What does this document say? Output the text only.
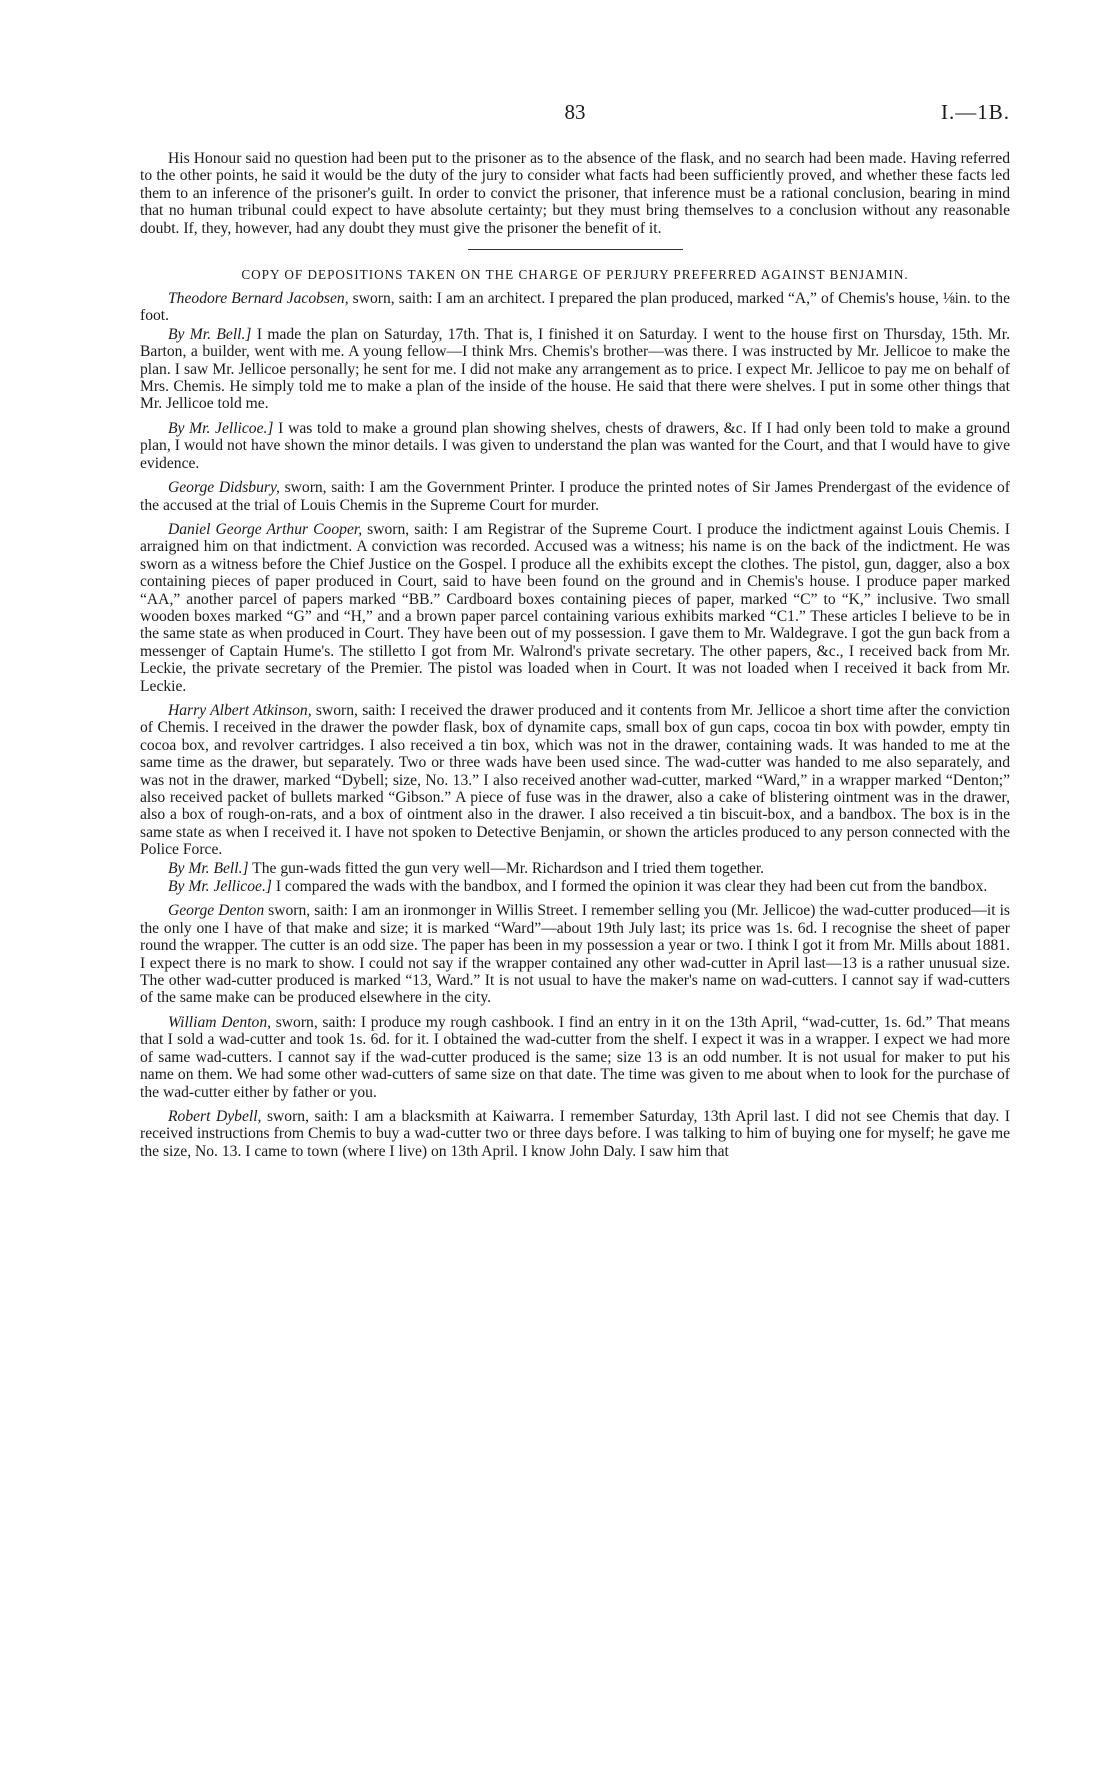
83	I.—1B.

His Honour said no question had been put to the prisoner as to the absence of the flask, and no search had been made. Having referred to the other points, he said it would be the duty of the jury to consider what facts had been sufficiently proved, and whether these facts led them to an inference of the prisoner's guilt. In order to convict the prisoner, that inference must be a rational conclusion, bearing in mind that no human tribunal could expect to have absolute certainty; but they must bring themselves to a conclusion without any reasonable doubt. If, they, however, had any doubt they must give the prisoner the benefit of it.

COPY OF DEPOSITIONS TAKEN ON THE CHARGE OF PERJURY PREFERRED AGAINST BENJAMIN.

Theodore Bernard Jacobsen, sworn, saith: I am an architect. I prepared the plan produced, marked “A,” of Chemis's house, ⅛in. to the foot.

By Mr. Bell.] I made the plan on Saturday, 17th. That is, I finished it on Saturday. I went to the house first on Thursday, 15th. Mr. Barton, a builder, went with me. A young fellow—I think Mrs. Chemis's brother—was there. I was instructed by Mr. Jellicoe to make the plan. I saw Mr. Jellicoe personally; he sent for me. I did not make any arrangement as to price. I expect Mr. Jellicoe to pay me on behalf of Mrs. Chemis. He simply told me to make a plan of the inside of the house. He said that there were shelves. I put in some other things that Mr. Jellicoe told me.

By Mr. Jellicoe.] I was told to make a ground plan showing shelves, chests of drawers, &c. If I had only been told to make a ground plan, I would not have shown the minor details. I was given to understand the plan was wanted for the Court, and that I would have to give evidence.

George Didsbury, sworn, saith: I am the Government Printer. I produce the printed notes of Sir James Prendergast of the evidence of the accused at the trial of Louis Chemis in the Supreme Court for murder.

Daniel George Arthur Cooper, sworn, saith: I am Registrar of the Supreme Court. I produce the indictment against Louis Chemis. I arraigned him on that indictment. A conviction was recorded. Accused was a witness; his name is on the back of the indictment. He was sworn as a witness before the Chief Justice on the Gospel. I produce all the exhibits except the clothes. The pistol, gun, dagger, also a box containing pieces of paper produced in Court, said to have been found on the ground and in Chemis's house. I produce paper marked “AA,” another parcel of papers marked “BB.” Cardboard boxes containing pieces of paper, marked “C” to “K,” inclusive. Two small wooden boxes marked “G” and “H,” and a brown paper parcel containing various exhibits marked “C1.” These articles I believe to be in the same state as when produced in Court. They have been out of my possession. I gave them to Mr. Waldegrave. I got the gun back from a messenger of Captain Hume's. The stilletto I got from Mr. Walrond's private secretary. The other papers, &c., I received back from Mr. Leckie, the private secretary of the Premier. The pistol was loaded when in Court. It was not loaded when I received it back from Mr. Leckie.

Harry Albert Atkinson, sworn, saith: I received the drawer produced and it contents from Mr. Jellicoe a short time after the conviction of Chemis. I received in the drawer the powder flask, box of dynamite caps, small box of gun caps, cocoa tin box with powder, empty tin cocoa box, and revolver cartridges. I also received a tin box, which was not in the drawer, containing wads. It was handed to me at the same time as the drawer, but separately. Two or three wads have been used since. The wad-cutter was handed to me also separately, and was not in the drawer, marked “Dybell; size, No. 13.” I also received another wad-cutter, marked “Ward,” in a wrapper marked “Denton;” also received packet of bullets marked “Gibson.” A piece of fuse was in the drawer, also a cake of blistering ointment was in the drawer, also a box of rough-on-rats, and a box of ointment also in the drawer. I also received a tin biscuit-box, and a bandbox. The box is in the same state as when I received it. I have not spoken to Detective Benjamin, or shown the articles produced to any person connected with the Police Force.

By Mr. Bell.] The gun-wads fitted the gun very well—Mr. Richardson and I tried them together.

By Mr. Jellicoe.] I compared the wads with the bandbox, and I formed the opinion it was clear they had been cut from the bandbox.

George Denton sworn, saith: I am an ironmonger in Willis Street. I remember selling you (Mr. Jellicoe) the wad-cutter produced—it is the only one I have of that make and size; it is marked “Ward”—about 19th July last; its price was 1s. 6d. I recognise the sheet of paper round the wrapper. The cutter is an odd size. The paper has been in my possession a year or two. I think I got it from Mr. Mills about 1881. I expect there is no mark to show. I could not say if the wrapper contained any other wad-cutter in April last—13 is a rather unusual size. The other wad-cutter produced is marked “13, Ward.” It is not usual to have the maker's name on wad-cutters. I cannot say if wad-cutters of the same make can be produced elsewhere in the city.

William Denton, sworn, saith: I produce my rough cashbook. I find an entry in it on the 13th April, “wad-cutter, 1s. 6d.” That means that I sold a wad-cutter and took 1s. 6d. for it. I obtained the wad-cutter from the shelf. I expect it was in a wrapper. I expect we had more of same wad-cutters. I cannot say if the wad-cutter produced is the same; size 13 is an odd number. It is not usual for maker to put his name on them. We had some other wad-cutters of same size on that date. The time was given to me about when to look for the purchase of the wad-cutter either by father or you.

Robert Dybell, sworn, saith: I am a blacksmith at Kaiwarra. I remember Saturday, 13th April last. I did not see Chemis that day. I received instructions from Chemis to buy a wad-cutter two or three days before. I was talking to him of buying one for myself; he gave me the size, No. 13. I came to town (where I live) on 13th April. I know John Daly. I saw him that
